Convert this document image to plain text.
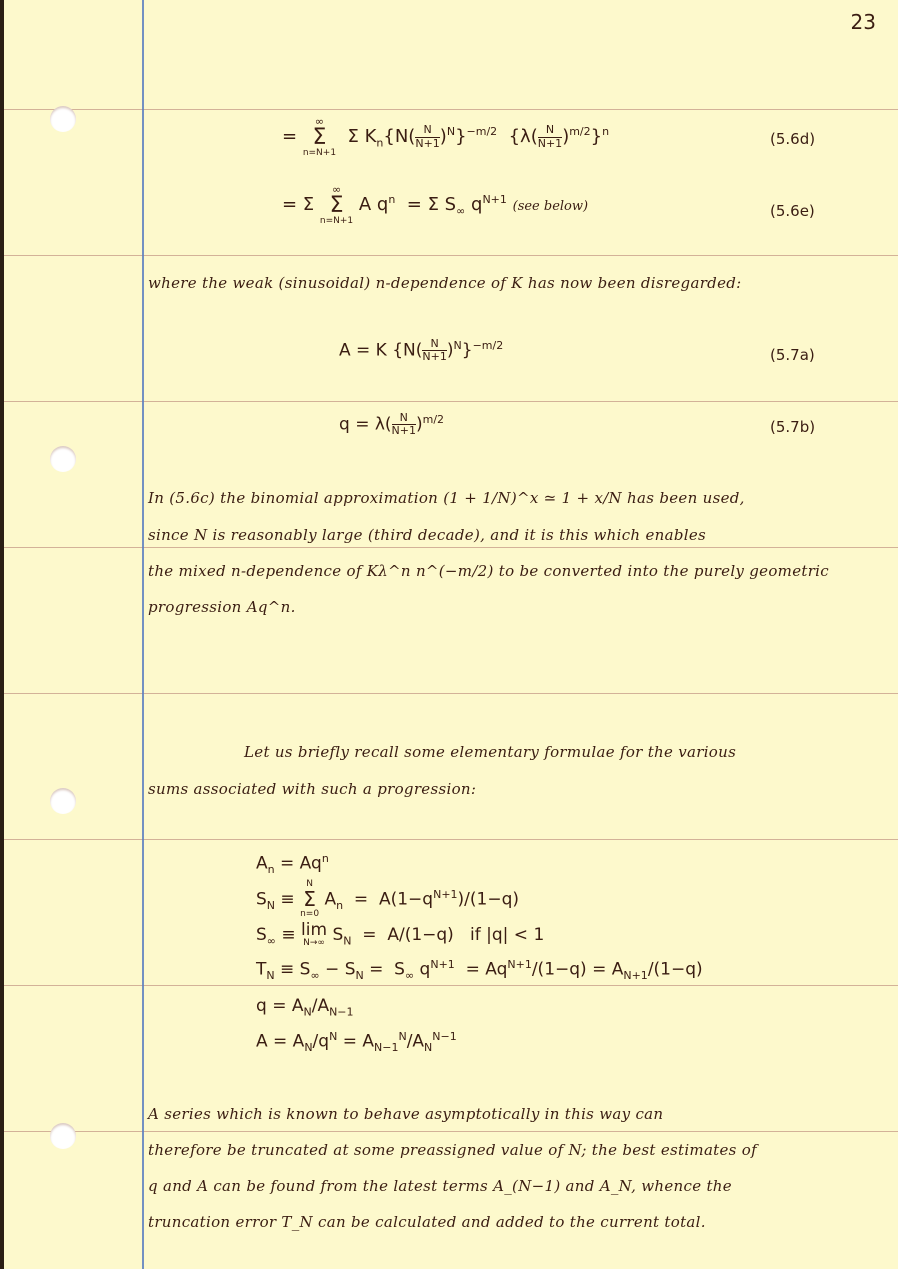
23
=
∞
Σ
n=N+1
Σ $K_n\{N$( N
N+1)$^N$}$^{-m/2}$  {λ( N
N+1)$^{m/2}$}$^n$	(5.6d)
= Σ
∞
Σ
n=N+1
A $q^n = \Sigma$ $S_\infty$ $q^{N+1}$ (see below)	(5.6e)
where the weak (sinusoidal) n-dependence of K has now been disregarded:
A = K {N( N
N+1)$^N$}$^{-m/2}$
(5.7a)
q = λ( N
N+1)$^{m/2}$	(5.7b)
In (5.6c) the binomial approximation (1 + 1/N)^x ≃ 1 + x/N has been used,
since N is reasonably large (third decade), and it is this which enables
the mixed n-dependence of Kλ^n n^(−m/2) to be converted into the purely geometric
progression Aq^n.
Let us briefly recall some elementary formulae for the various
sums associated with such a progression:
$A_n = Aq^n$
$S_N$ ≡
N
Σ
n=0
$A_n = A(1-q^{N+1})/(1-q)$
$S_\infty \equiv \lim$
N→∞ $S_N = A/(1-q)$   if |q| < 1
$T_N \equiv S_\infty - S_N = S_\infty$ $q^{N+1} = Aq^{N+1}/(1-q) = A_{N+1}/(1-q)$
$q = A_N/A_{N-1}$
$A = A_N/q^N = A_{N-1}^N/A_N^{N-1}$
A series which is known to behave asymptotically in this way can
therefore be truncated at some preassigned value of N; the best estimates of
q and A can be found from the latest terms A_(N−1) and A_N, whence the
truncation error T_N can be calculated and added to the current total.
